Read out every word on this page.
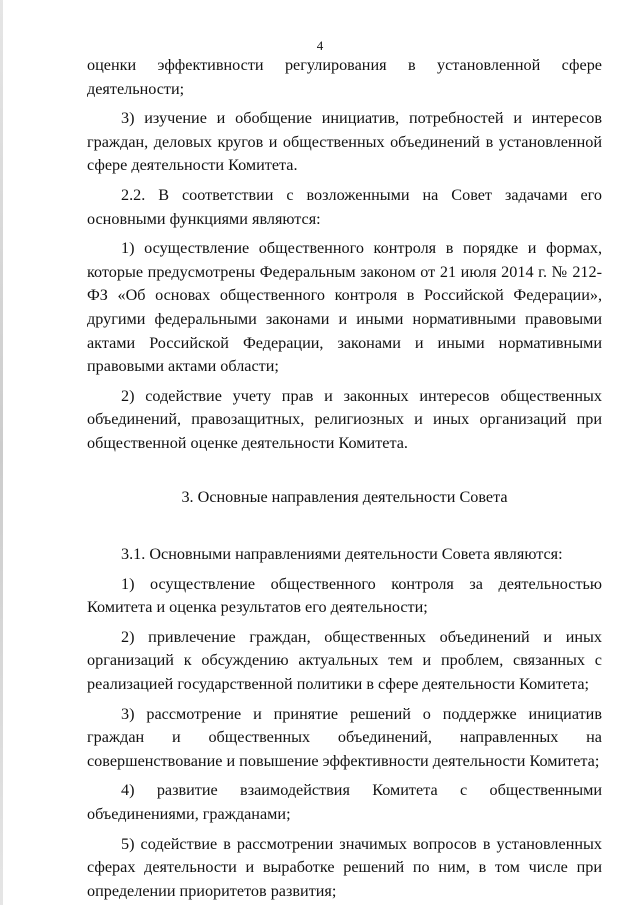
4

оценки эффективности регулирования в установленной сфере деятельности;

3) изучение и обобщение инициатив, потребностей и интересов граждан, деловых кругов и общественных объединений в установленной сфере деятельности Комитета.

2.2. В соответствии с возложенными на Совет задачами его основными функциями являются:

1) осуществление общественного контроля в порядке и формах, которые предусмотрены Федеральным законом от 21 июля 2014 г. № 212-ФЗ «Об основах общественного контроля в Российской Федерации», другими федеральными законами и иными нормативными правовыми актами Российской Федерации, законами и иными нормативными правовыми актами области;

2) содействие учету прав и законных интересов общественных объединений, правозащитных, религиозных и иных организаций при общественной оценке деятельности Комитета.

3. Основные направления деятельности Совета

3.1. Основными направлениями деятельности Совета являются:

1) осуществление общественного контроля за деятельностью Комитета и оценка результатов его деятельности;

2) привлечение граждан, общественных объединений и иных организаций к обсуждению актуальных тем и проблем, связанных с реализацией государственной политики в сфере деятельности Комитета;

3) рассмотрение и принятие решений о поддержке инициатив граждан и общественных объединений, направленных на совершенствование и повышение эффективности деятельности Комитета;

4) развитие взаимодействия Комитета с общественными объединениями, гражданами;

5) содействие в рассмотрении значимых вопросов в установленных сферах деятельности и выработке решений по ним, в том числе при определении приоритетов развития;
